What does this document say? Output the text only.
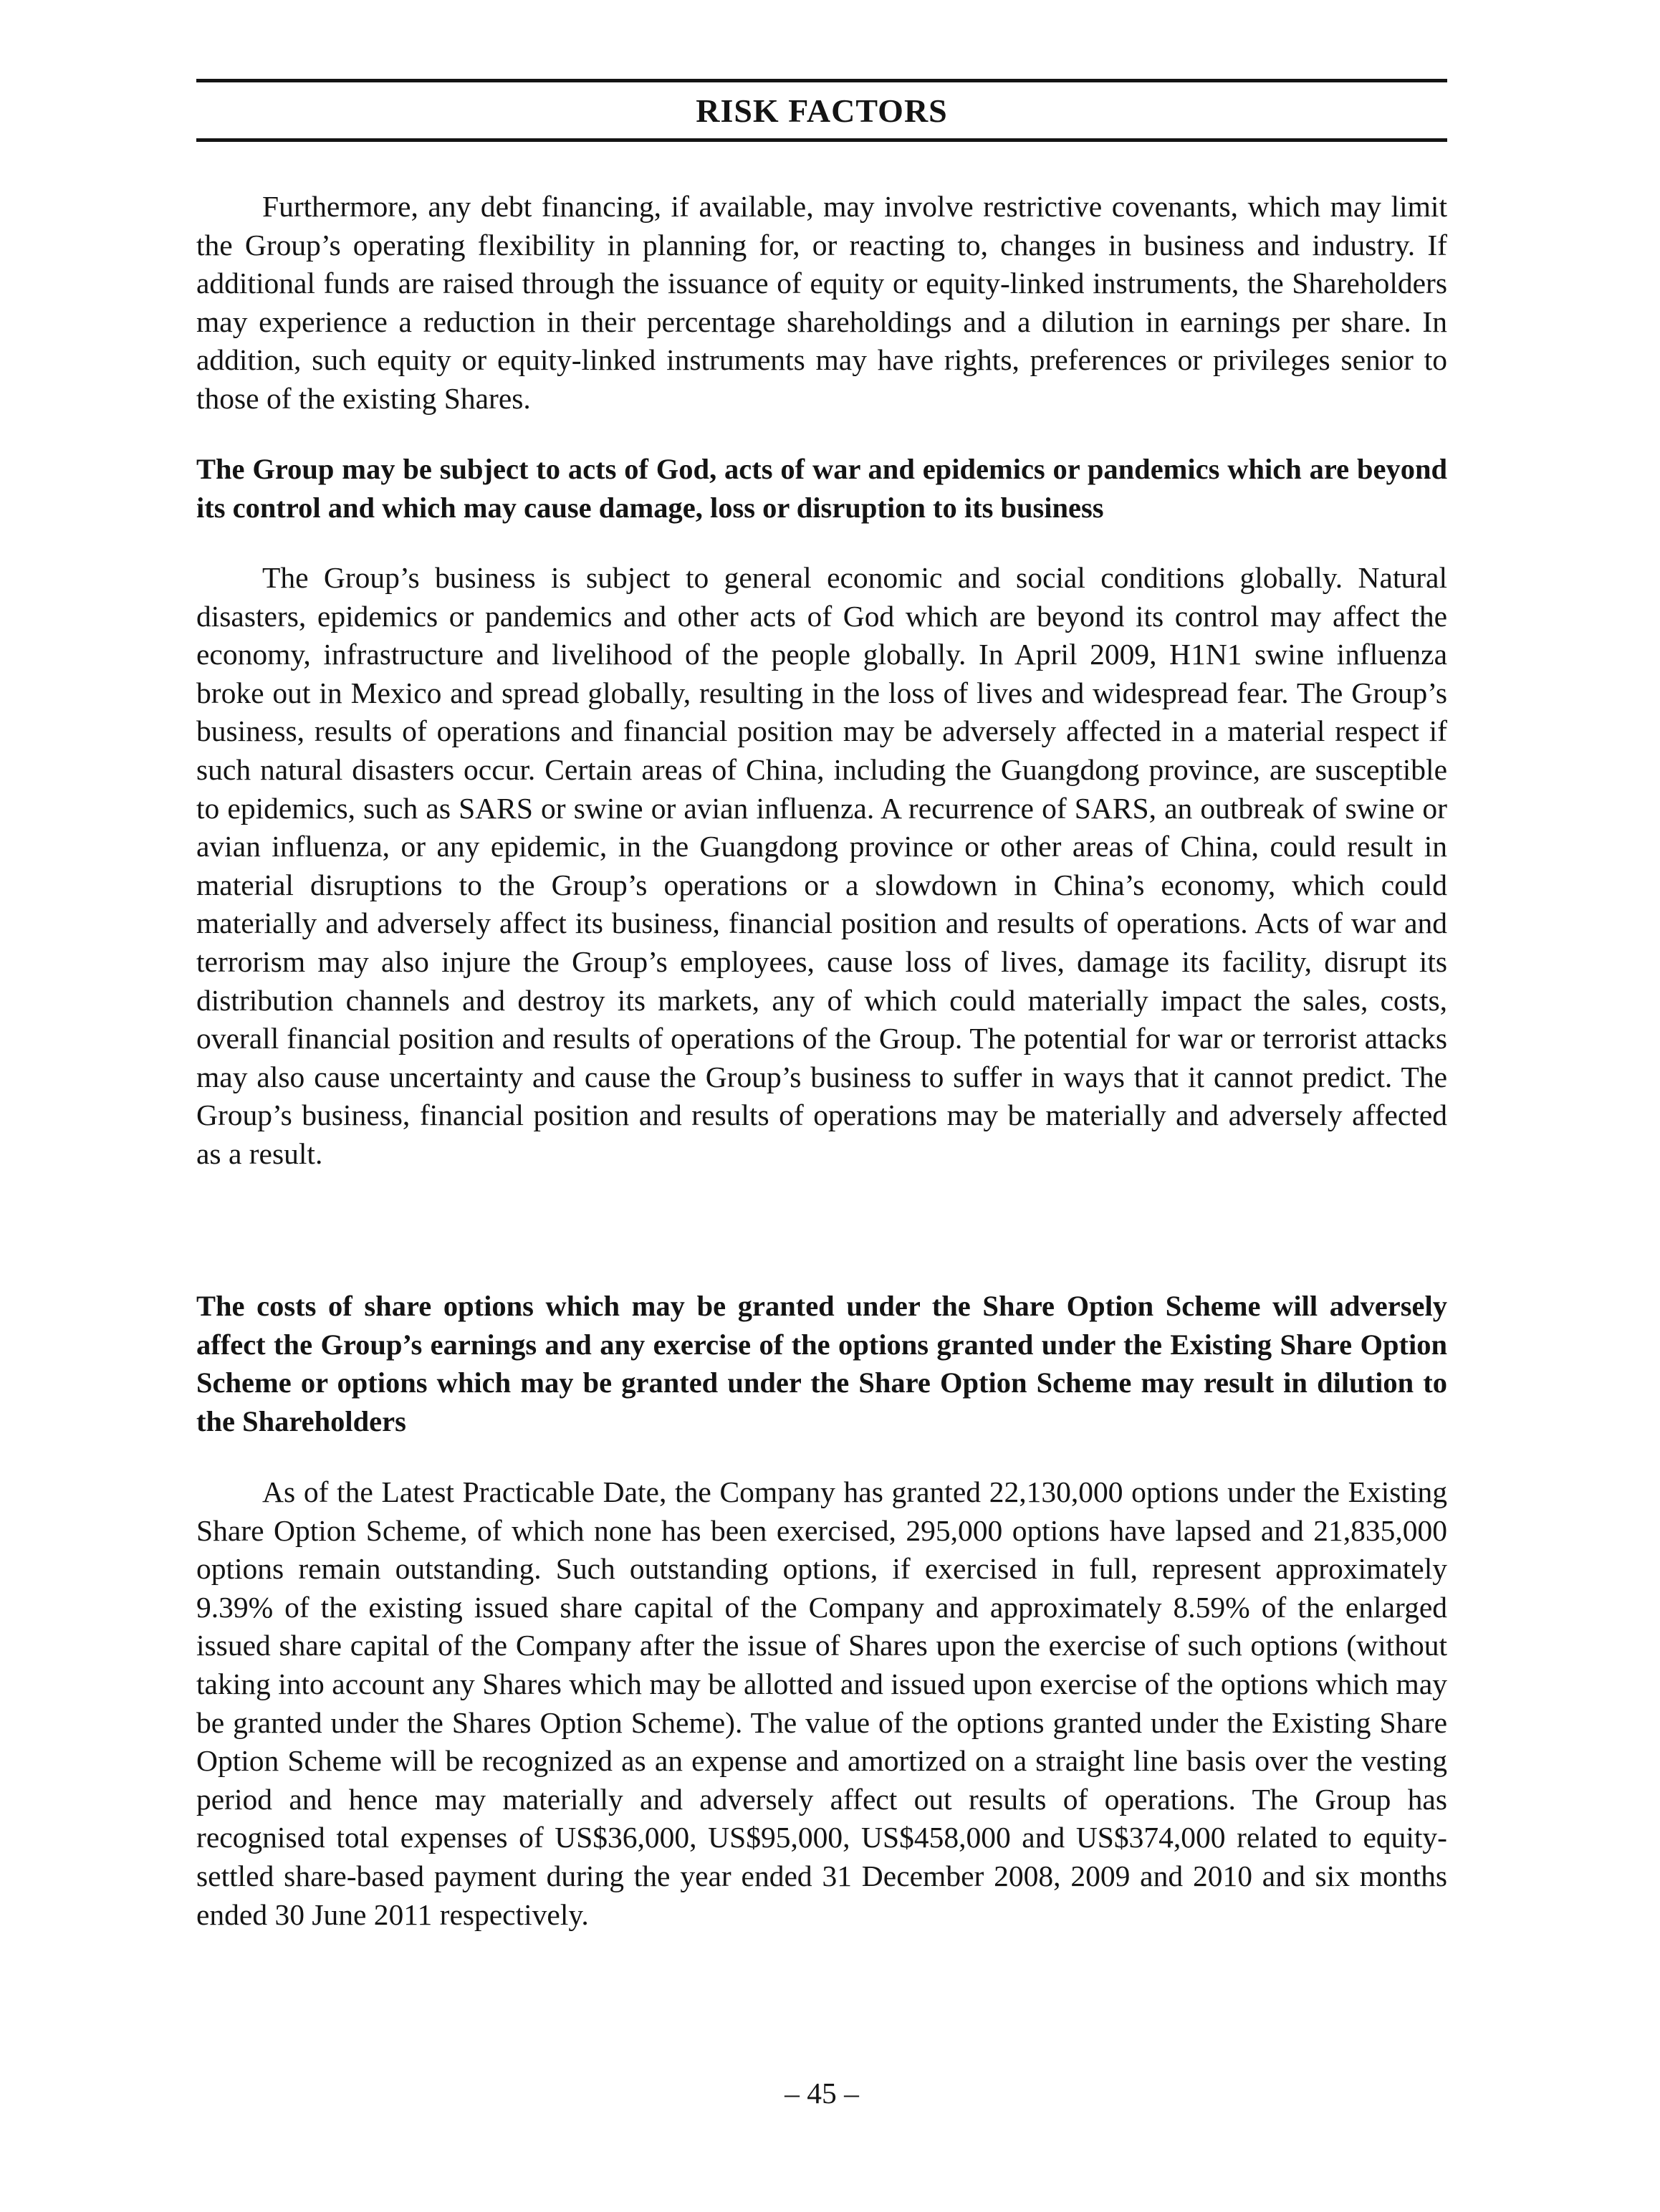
RISK FACTORS

Furthermore, any debt financing, if available, may involve restrictive covenants, which may limit the Group’s operating flexibility in planning for, or reacting to, changes in business and industry. If additional funds are raised through the issuance of equity or equity-linked instruments, the Shareholders may experience a reduction in their percentage shareholdings and a dilution in earnings per share. In addition, such equity or equity-linked instruments may have rights, preferences or privileges senior to those of the existing Shares.

The Group may be subject to acts of God, acts of war and epidemics or pandemics which are beyond its control and which may cause damage, loss or disruption to its business

The Group’s business is subject to general economic and social conditions globally. Natural disasters, epidemics or pandemics and other acts of God which are beyond its control may affect the economy, infrastructure and livelihood of the people globally. In April 2009, H1N1 swine influenza broke out in Mexico and spread globally, resulting in the loss of lives and widespread fear. The Group’s business, results of operations and financial position may be adversely affected in a material respect if such natural disasters occur. Certain areas of China, including the Guangdong province, are susceptible to epidemics, such as SARS or swine or avian influenza. A recurrence of SARS, an outbreak of swine or avian influenza, or any epidemic, in the Guangdong province or other areas of China, could result in material disruptions to the Group’s operations or a slowdown in China’s economy, which could materially and adversely affect its business, financial position and results of operations. Acts of war and terrorism may also injure the Group’s employees, cause loss of lives, damage its facility, disrupt its distribution channels and destroy its markets, any of which could materially impact the sales, costs, overall financial position and results of operations of the Group. The potential for war or terrorist attacks may also cause uncertainty and cause the Group’s business to suffer in ways that it cannot predict. The Group’s business, financial position and results of operations may be materially and adversely affected as a result.

The costs of share options which may be granted under the Share Option Scheme will adversely affect the Group’s earnings and any exercise of the options granted under the Existing Share Option Scheme or options which may be granted under the Share Option Scheme may result in dilution to the Shareholders

As of the Latest Practicable Date, the Company has granted 22,130,000 options under the Existing Share Option Scheme, of which none has been exercised, 295,000 options have lapsed and 21,835,000 options remain outstanding. Such outstanding options, if exercised in full, represent approximately 9.39% of the existing issued share capital of the Company and approximately 8.59% of the enlarged issued share capital of the Company after the issue of Shares upon the exercise of such options (without taking into account any Shares which may be allotted and issued upon exercise of the options which may be granted under the Shares Option Scheme). The value of the options granted under the Existing Share Option Scheme will be recognized as an expense and amortized on a straight line basis over the vesting period and hence may materially and adversely affect out results of operations. The Group has recognised total expenses of US$36,000, US$95,000, US$458,000 and US$374,000 related to equity-settled share-based payment during the year ended 31 December 2008, 2009 and 2010 and six months ended 30 June 2011 respectively.

– 45 –
